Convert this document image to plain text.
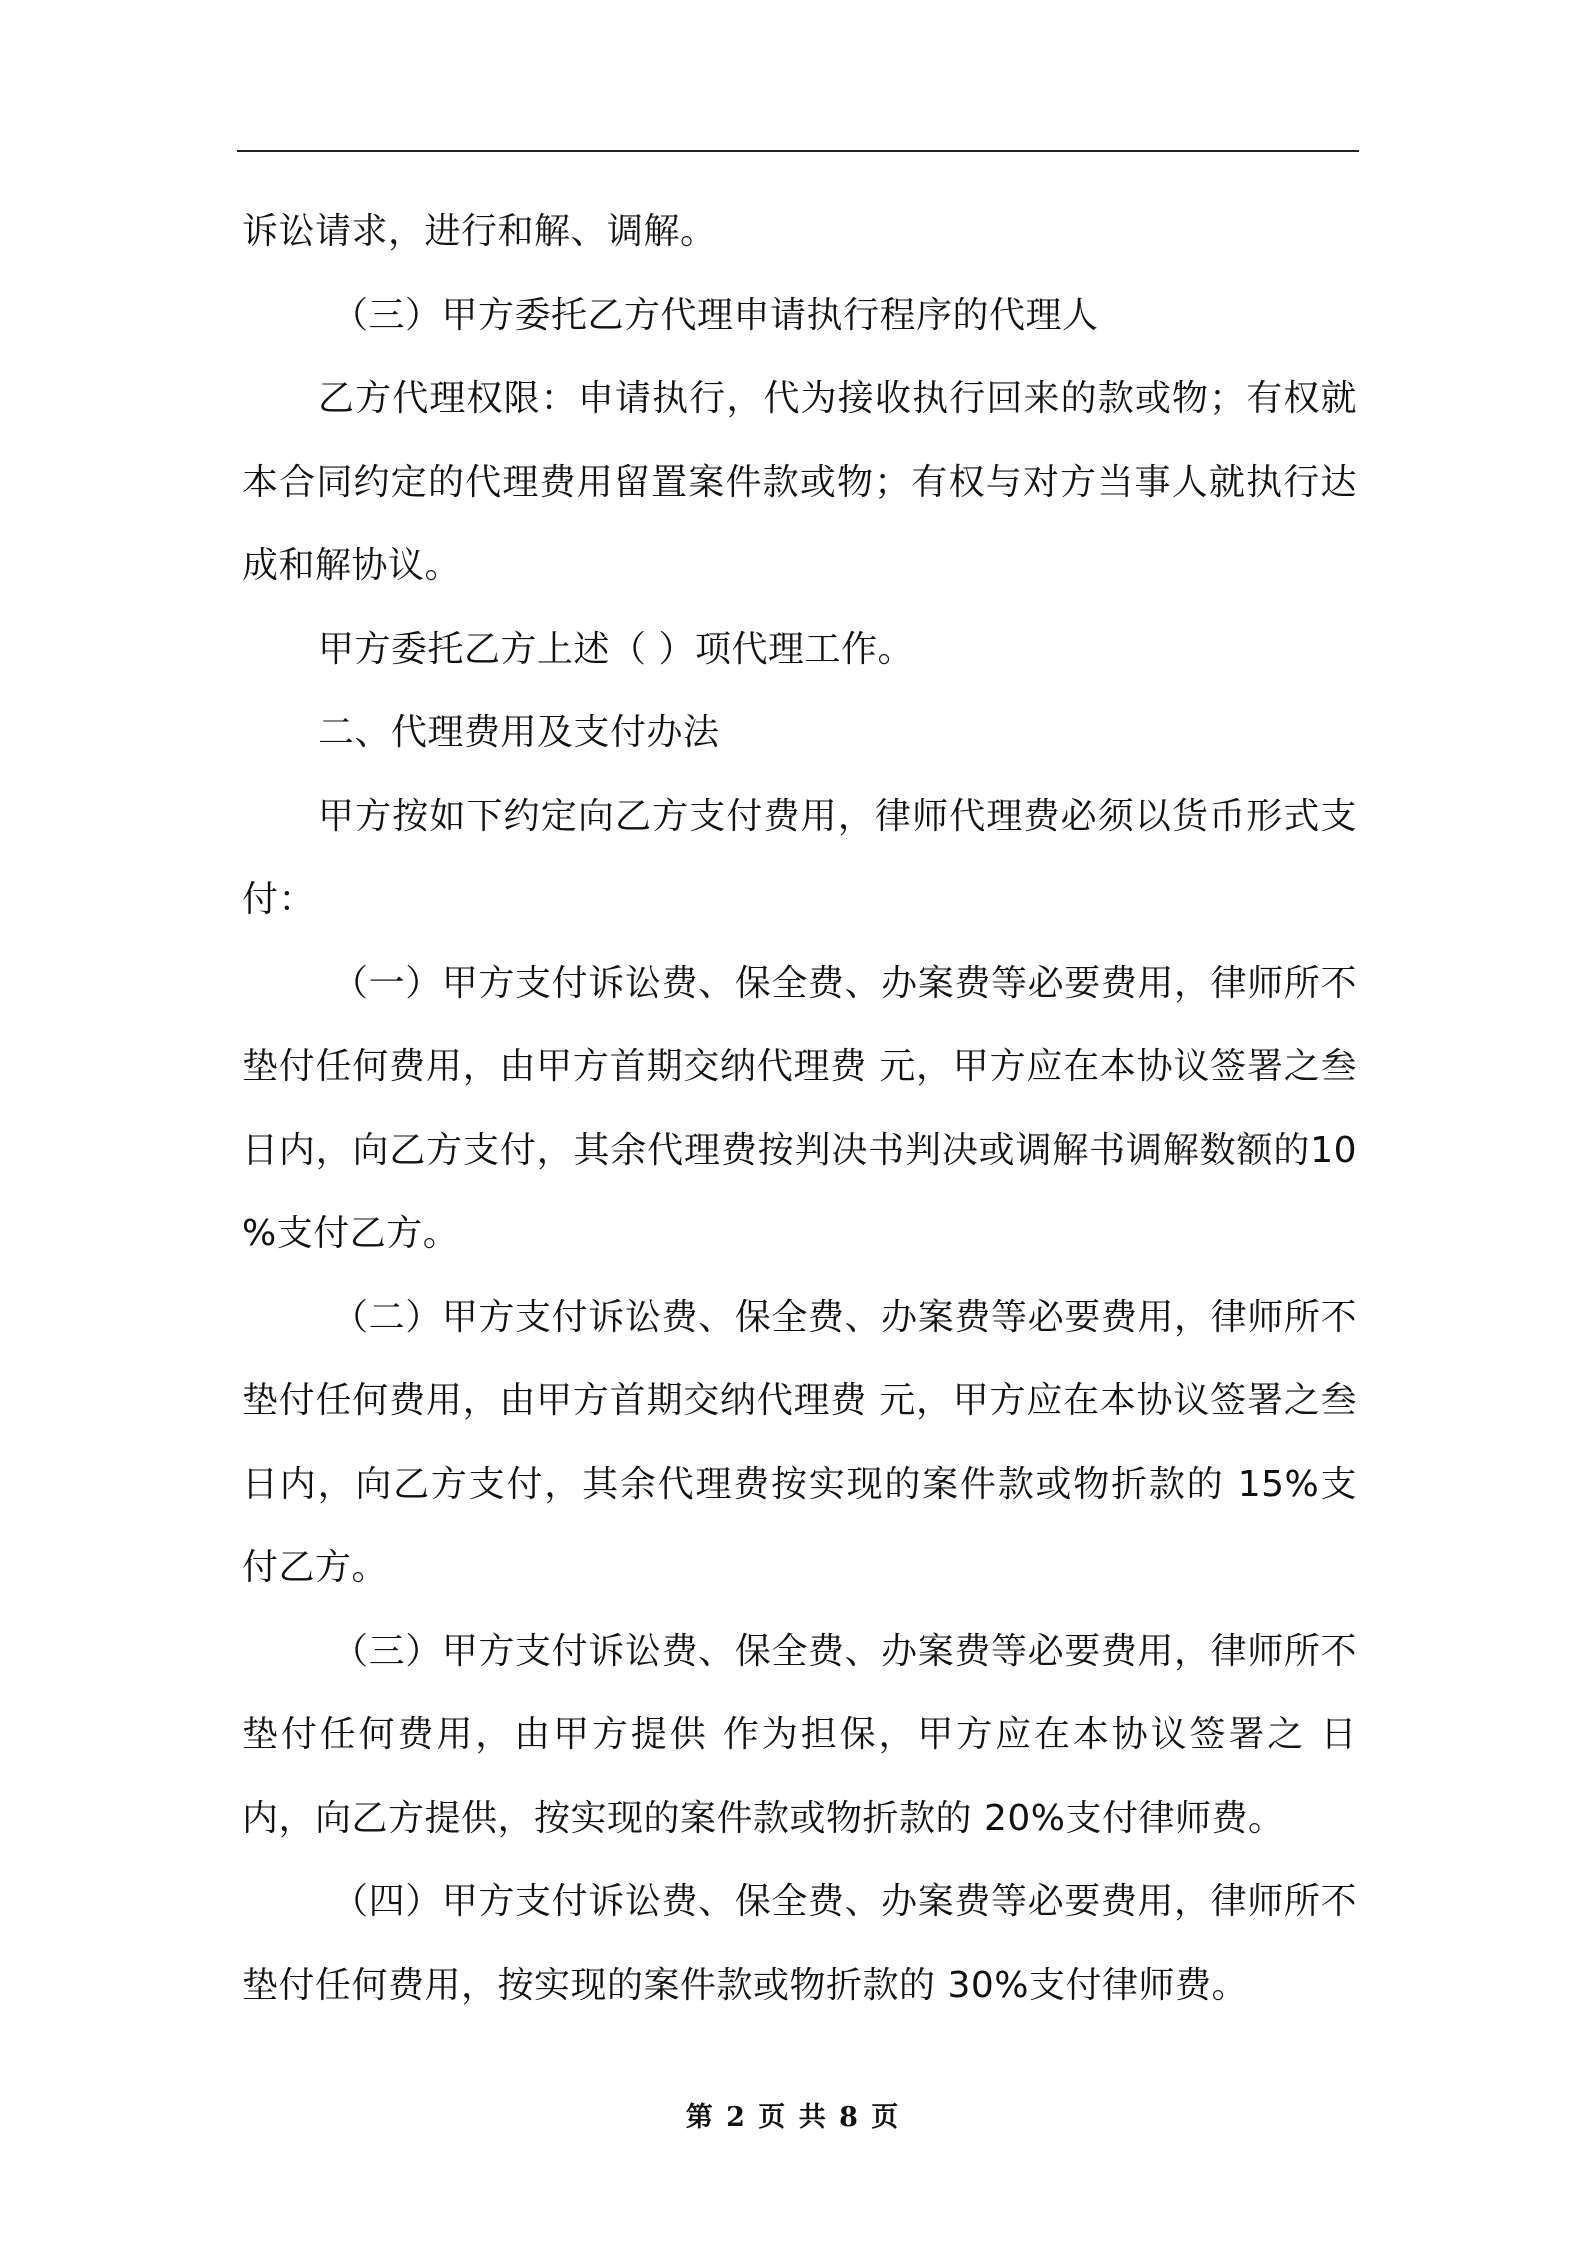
诉讼请求，进行和解、调解。

（三）甲方委托乙方代理申请执行程序的代理人

乙方代理权限：申请执行，代为接收执行回来的款或物；有权就本合同约定的代理费用留置案件款或物；有权与对方当事人就执行达成和解协议。

甲方委托乙方上述（ ）项代理工作。

二、代理费用及支付办法

甲方按如下约定向乙方支付费用，律师代理费必须以货币形式支付：

（一）甲方支付诉讼费、保全费、办案费等必要费用，律师所不垫付任何费用，由甲方首期交纳代理费 元，甲方应在本协议签署之叁日内，向乙方支付，其余代理费按判决书判决或调解书调解数额的10 %支付乙方。

（二）甲方支付诉讼费、保全费、办案费等必要费用，律师所不垫付任何费用，由甲方首期交纳代理费 元，甲方应在本协议签署之叁日内，向乙方支付，其余代理费按实现的案件款或物折款的 15%支付乙方。

（三）甲方支付诉讼费、保全费、办案费等必要费用，律师所不垫付任何费用，由甲方提供 作为担保，甲方应在本协议签署之 日内，向乙方提供，按实现的案件款或物折款的 20%支付律师费。

（四）甲方支付诉讼费、保全费、办案费等必要费用，律师所不垫付任何费用，按实现的案件款或物折款的 30%支付律师费。

第 2 页 共 8 页
